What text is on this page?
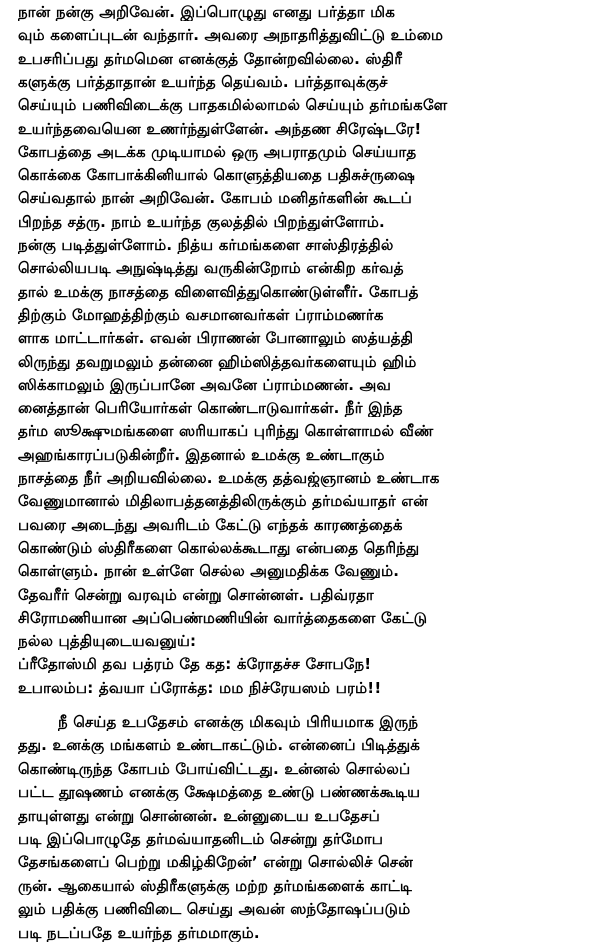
நான் நன்கு அறிவேன். இப்பொழுது எனது பர்த்தா மிக
வும் களைப்புடன் வந்தார். அவரை அநாதரித்துவிட்டு உம்மை
உபசரிப்பது தர்மமென எனக்குத் தோன்றவில்லை. ஸ்திரீ
களுக்கு பர்த்தாதான் உயர்ந்த தெய்வம். பர்த்தாவுக்குச்
செய்யும் பணிவிடைக்கு பாதகமில்லாமல் செய்யும் தர்மங்களே
உயர்ந்தவையென உணர்ந்துள்ளேன். அந்தண சிரேஷ்டரே!
கோபத்தை அடக்க முடியாமல் ஒரு அபராதமும் செய்யாத
கொக்கை கோபாக்கினியால் கொளுத்தியதை பதிசுச்ருஷை
செய்வதால் நான் அறிவேன். கோபம் மனிதர்களின் கூடப்
பிறந்த சத்ரு. நாம் உயர்ந்த குலத்தில் பிறந்துள்ளோம்.
நன்கு படித்துள்ளோம். நித்ய கர்மங்களை சாஸ்திரத்தில்
சொல்லியபடி அநுஷ்டித்து வருகின்றோம் என்கிற கர்வத்
தால் உமக்கு நாசத்தை விளைவித்துகொண்டுள்ளீர். கோபத்
திற்கும் மோஹத்திற்கும் வசமானவர்கள் ப்ராம்மணர்க
ளாக மாட்டார்கள். எவன் பிராணன் போனாலும் ஸத்யத்தி
லிருந்து தவறுமலும் தன்னை ஹிம்ஸித்தவர்களையும் ஹிம்
ஸிக்காமலும் இருப்பானே அவனே ப்ராம்மணன். அவ
னைத்தான் பெரியோர்கள் கொண்டாடுவார்கள். நீர் இந்த
தர்ம ஸூக்ஷுமங்களை ஸரியாகப் புரிந்து கொள்ளாமல் வீண்
அஹங்காரப்படுகின்றீர். இதனால் உமக்கு உண்டாகும்
நாசத்தை நீர் அறியவில்லை. உமக்கு தத்வஜ்ஞானம் உண்டாக
வேணுமானால் மிதிலாபத்தனத்திலிருக்கும் தர்மவ்யாதர் என்
பவரை அடைந்து அவரிடம் கேட்டு எந்தக் காரணத்தைக்
கொண்டும் ஸ்திரீகளை கொல்லக்கூடாது என்பதை தெரிந்து
கொள்ளும். நான் உள்ளே செல்ல அனுமதிக்க வேணும்.
தேவரீர் சென்று வரவும் என்று சொன்னள். பதிவ்ரதா
சிரோமணியான அப்பெண்மணியின் வார்த்தைகளை கேட்டு
நல்ல புத்தியுடையவனுய்:
ப்ரீதோஸ்மி தவ பத்ரம் தே கத: க்ரோதச்ச சோபநே!
உபாலம்ப: த்வயா ப்ரோக்த: மம நிச்ரேயஸம் பரம்!!
நீ செய்த உபதேசம் எனக்கு மிகவும் பிரியமாக இருந்
தது. உனக்கு மங்களம் உண்டாகட்டும். என்னைப் பிடித்துக்
கொண்டிருந்த கோபம் போய்விட்டது. உன்னல் சொல்லப்
பட்ட தூஷணம் எனக்கு க்ஷேமத்தை உண்டு பண்ணக்கூடிய
தாயுள்ளது என்று சொன்னன். உன்னுடைய உபதேசப்
படி இப்பொழுதே தர்மவ்யாதனிடம் சென்று தர்மோப
தேசங்களைப் பெற்று மகிழ்கிறேன்’ என்று சொல்லிச் சென்
ருன். ஆகையால் ஸ்திரீகளுக்கு மற்ற தர்மங்களைக் காட்டி
லும் பதிக்கு பணிவிடை செய்து அவன் ஸந்தோஷப்படும்
படி நடப்பதே உயர்ந்த தர்மமாகும்.
